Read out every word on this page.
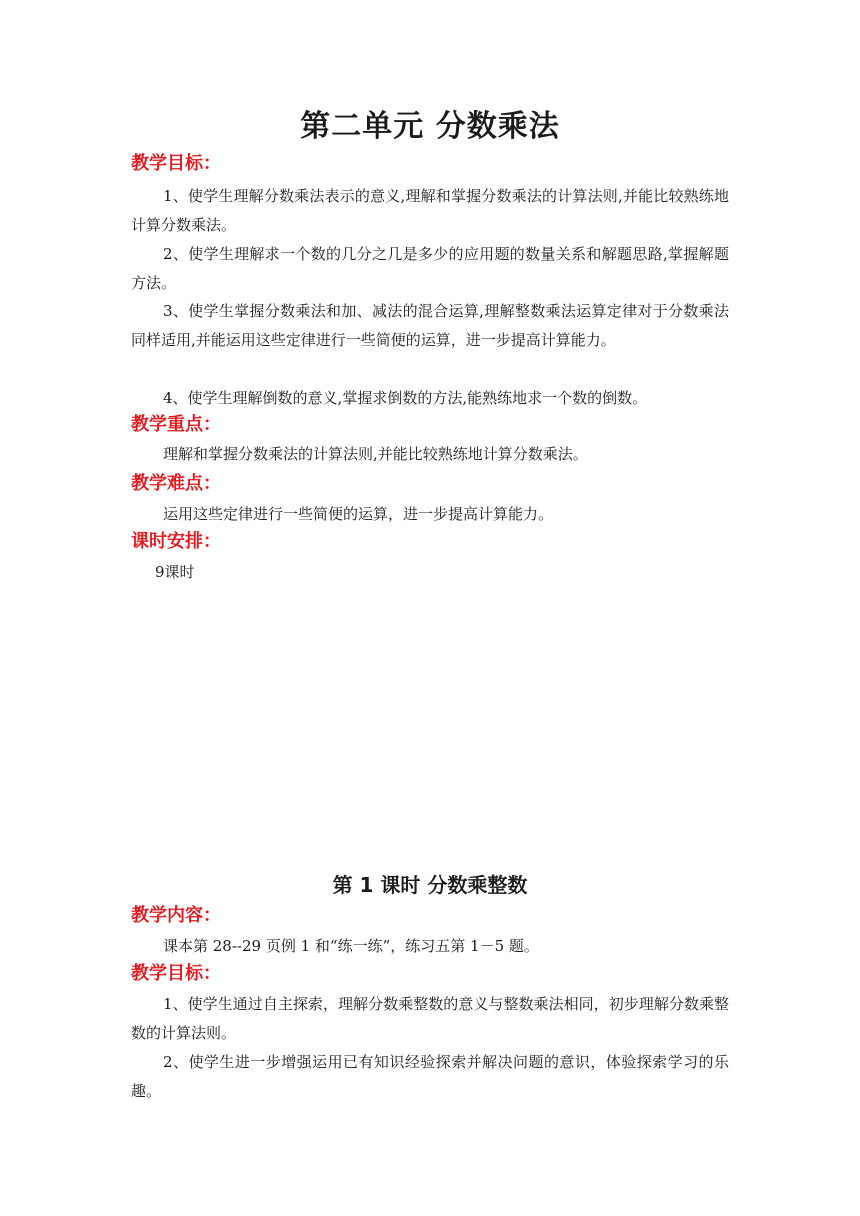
第二单元 分数乘法
教学目标：
1、使学生理解分数乘法表示的意义,理解和掌握分数乘法的计算法则,并能比较熟练地计算分数乘法。
2、使学生理解求一个数的几分之几是多少的应用题的数量关系和解题思路,掌握解题方法。
3、使学生掌握分数乘法和加、减法的混合运算,理解整数乘法运算定律对于分数乘法同样适用,并能运用这些定律进行一些简便的运算，进一步提高计算能力。
4、使学生理解倒数的意义,掌握求倒数的方法,能熟练地求一个数的倒数。
教学重点：
理解和掌握分数乘法的计算法则,并能比较熟练地计算分数乘法。
教学难点：
运用这些定律进行一些简便的运算，进一步提高计算能力。
课时安排：
9课时
第 1 课时 分数乘整数
教学内容：
课本第 28--29 页例 1 和“练一练”，练习五第 1－5 题。
教学目标：
1、使学生通过自主探索，理解分数乘整数的意义与整数乘法相同，初步理解分数乘整数的计算法则。
2、使学生进一步增强运用已有知识经验探索并解决问题的意识，体验探索学习的乐趣。
